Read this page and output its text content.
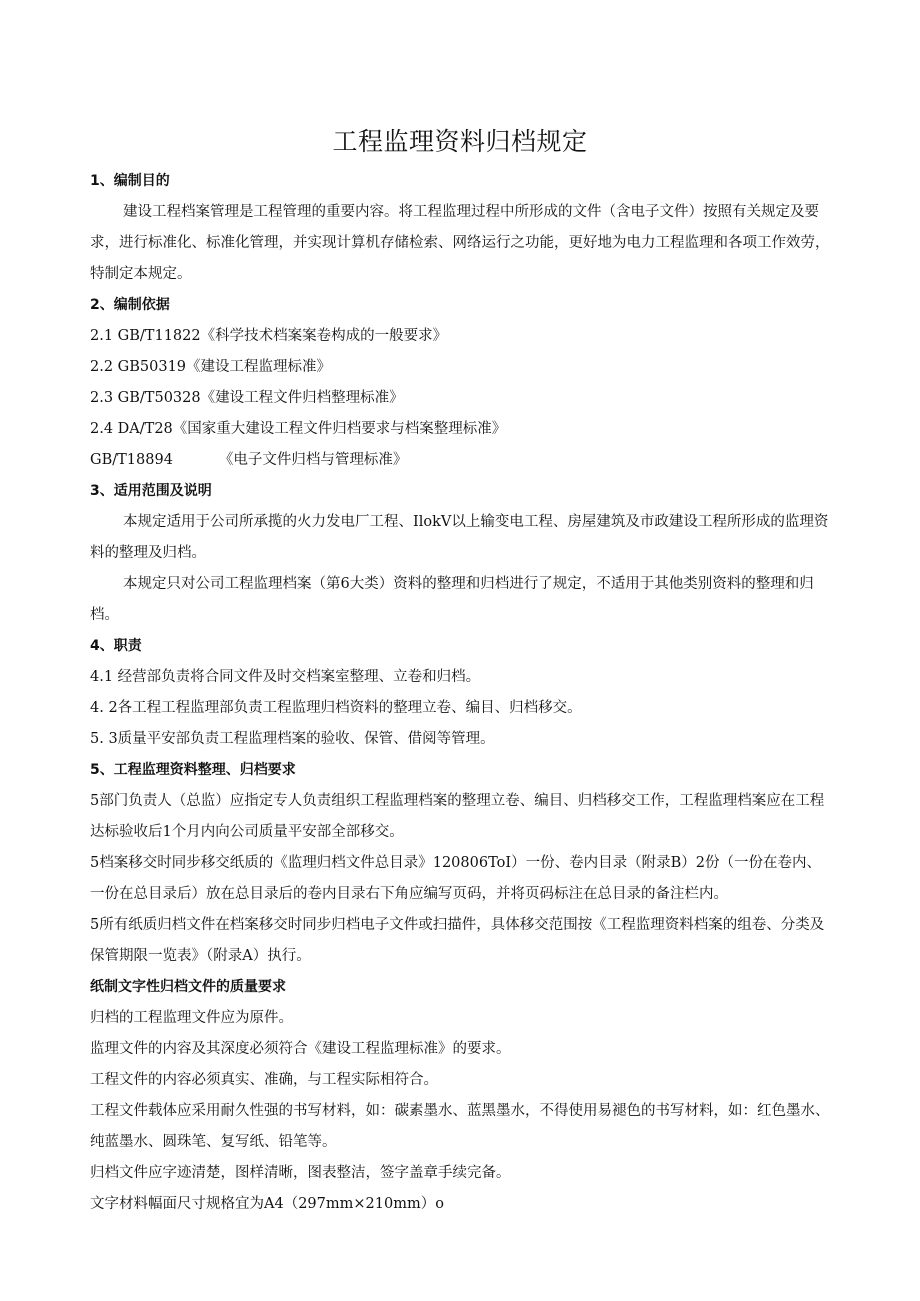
工程监理资料归档规定
1、编制目的

建设工程档案管理是工程管理的重要内容。将工程监理过程中所形成的文件（含电子文件）按照有关规定及要求，进行标准化、标准化管理，并实现计算机存储检索、网络运行之功能，更好地为电力工程监理和各项工作效劳，特制定本规定。

2、编制依据
2.1 GB/T11822《科学技术档案案卷构成的一般要求》
2.2 GB50319《建设工程监理标准》
2.3 GB/T50328《建设工程文件归档整理标准》
2.4 DA/T28《国家重大建设工程文件归档要求与档案整理标准》
GB/T18894	《电子文件归档与管理标准》
3、适用范围及说明

本规定适用于公司所承揽的火力发电厂工程、IlokV以上输变电工程、房屋建筑及市政建设工程所形成的监理资料的整理及归档。

本规定只对公司工程监理档案（第6大类）资料的整理和归档进行了规定，不适用于其他类别资料的整理和归档。

4、职责
4.1 经营部负责将合同文件及时交档案室整理、立卷和归档。
4. 2各工程工程监理部负责工程监理归档资料的整理立卷、编目、归档移交。
5. 3质量平安部负责工程监理档案的验收、保管、借阅等管理。
5、工程监理资料整理、归档要求

5部门负责人（总监）应指定专人负责组织工程监理档案的整理立卷、编目、归档移交工作，工程监理档案应在工程达标验收后1个月内向公司质量平安部全部移交。

5档案移交时同步移交纸质的《监理归档文件总目录》120806ToI）一份、卷内目录（附录B）2份（一份在卷内、一份在总目录后）放在总目录后的卷内目录右下角应编写页码，并将页码标注在总目录的备注栏内。

5所有纸质归档文件在档案移交时同步归档电子文件或扫描件，具体移交范围按《工程监理资料档案的组卷、分类及保管期限一览表》（附录A）执行。

纸制文字性归档文件的质量要求

归档的工程监理文件应为原件。

监理文件的内容及其深度必须符合《建设工程监理标准》的要求。

工程文件的内容必须真实、准确，与工程实际相符合。

工程文件载体应采用耐久性强的书写材料，如：碳素墨水、蓝黑墨水，不得使用易褪色的书写材料，如：红色墨水、纯蓝墨水、圆珠笔、复写纸、铅笔等。

归档文件应字迹清楚，图样清晰，图表整洁，签字盖章手续完备。

文字材料幅面尺寸规格宜为A4（297mm×210mm）o
